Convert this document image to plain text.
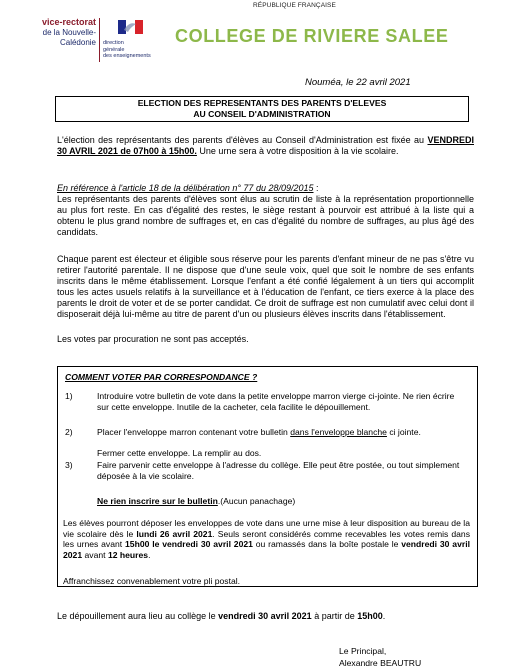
RÉPUBLIQUE FRANÇAISE
vice-rectorat
de la Nouvelle-Calédonie direction
générale
des enseignements
COLLEGE DE RIVIERE SALEE
Nouméa, le 22 avril 2021
ELECTION DES REPRESENTANTS DES PARENTS D'ELEVES
AU CONSEIL D'ADMINISTRATION
L'élection des représentants des parents d'élèves au Conseil d'Administration est fixée au VENDREDI 30 AVRIL 2021 de 07h00 à 15h00. Une urne sera à votre disposition à la vie scolaire.
En référence à l'article 18 de la délibération n° 77 du 28/09/2015 :
Les représentants des parents d'élèves sont élus au scrutin de liste à la représentation proportionnelle au plus fort reste. En cas d'égalité des restes, le siège restant à pourvoir est attribué à la liste qui a obtenu le plus grand nombre de suffrages et, en cas d'égalité du nombre de suffrages, au plus âgé des candidats.
Chaque parent est électeur et éligible sous réserve pour les parents d'enfant mineur de ne pas s'être vu retirer l'autorité parentale. Il ne dispose que d'une seule voix, quel que soit le nombre de ses enfants inscrits dans le même établissement. Lorsque l'enfant a été confié légalement à un tiers qui accomplit tous les actes usuels relatifs à la surveillance et à l'éducation de l'enfant, ce tiers exerce à la place des parents le droit de voter et de se porter candidat. Ce droit de suffrage est non cumulatif avec celui dont il disposerait déjà lui-même au titre de parent d'un ou plusieurs élèves inscrits dans l'établissement.
Les votes par procuration ne sont pas acceptés.
COMMENT VOTER PAR CORRESPONDANCE ?
1)	Introduire votre bulletin de vote dans la petite enveloppe marron vierge ci-jointe. Ne rien écrire sur cette enveloppe. Inutile de la cacheter, cela facilite le dépouillement.
2)	Placer l'enveloppe marron contenant votre bulletin dans l'enveloppe blanche ci jointe.
Fermer cette enveloppe. La remplir au dos.
3)	Faire parvenir cette enveloppe à l'adresse du collège. Elle peut être postée, ou tout simplement déposée à la vie scolaire.
Ne rien inscrire sur le bulletin.(Aucun panachage)
Les élèves pourront déposer les enveloppes de vote dans une urne mise à leur disposition au bureau de la vie scolaire dès le lundi 26 avril 2021. Seuls seront considérés comme recevables les votes remis dans les urnes avant 15h00 le vendredi 30 avril 2021 ou ramassés dans la boîte postale le vendredi 30 avril 2021 avant 12 heures.
Affranchissez convenablement votre pli postal.
Le dépouillement aura lieu au collège le vendredi 30 avril 2021 à partir de 15h00.
Le Principal,
Alexandre BEAUTRU
